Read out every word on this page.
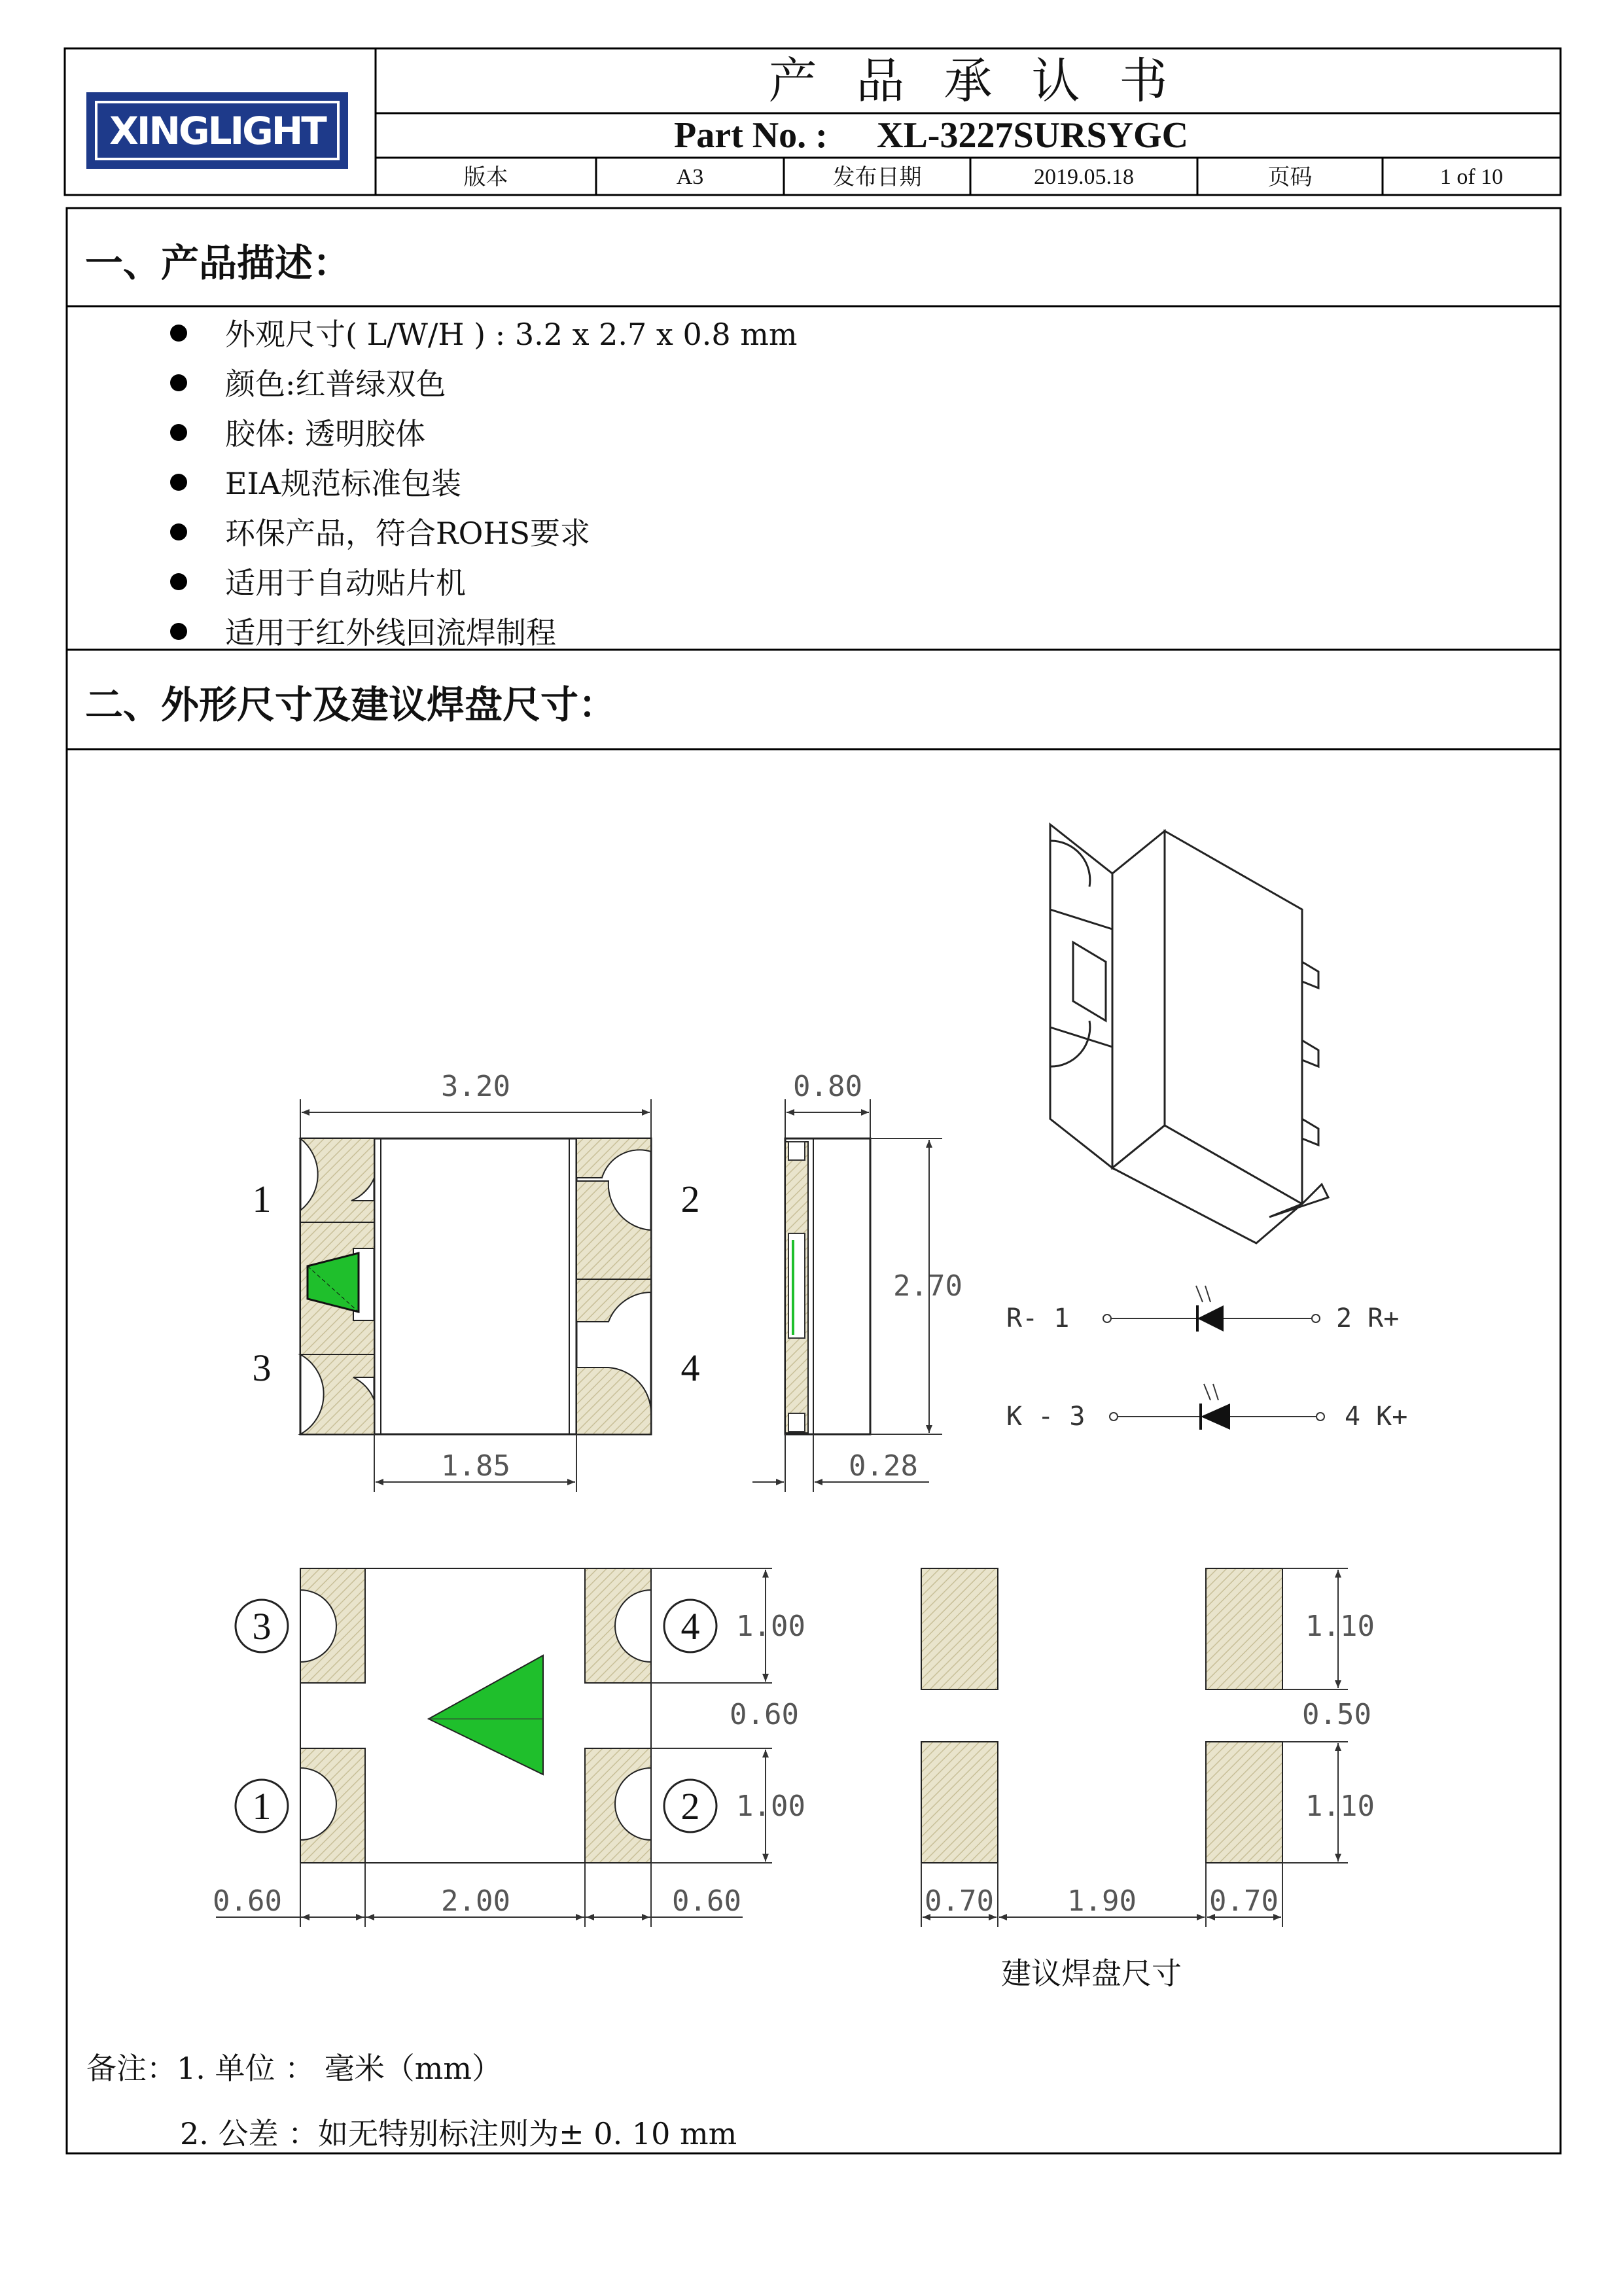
XINGLIGHT
产品承认书
Part No. : XL-3227SURSYGC
版本	A3	发布日期	2019.05.18	页码	1 of 10
一、产品描述：
外观尺寸( L/W/H ) : 3.2 x 2.7 x 0.8 mm
颜色:红普绿双色
胶体: 透明胶体
EIA规范标准包装
环保产品，符合ROHS要求
适用于自动贴片机
适用于红外线回流焊制程
二、外形尺寸及建议焊盘尺寸：
3.20
1	2
3	4
1.85
0.80
2.70
0.28
R- 1	2 R+
K - 3	4 K+
3	4
1	2
1.00
0.60
1.00
0.60	2.00	0.60
1.10
0.50
1.10
0.70	1.90	0.70
建议焊盘尺寸
备注：1. 单位 ： 毫米（mm）
2. 公差 ：如无特别标注则为± 0. 10 mm
